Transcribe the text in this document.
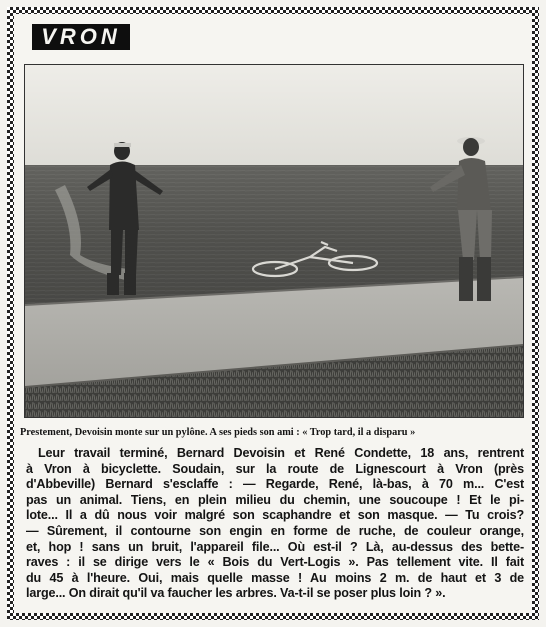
VRON
Prestement, Devoisin monte sur un pylône. A ses pieds son ami : « Trop tard, il a disparu »
Leur travail terminé, Bernard Devoisin et René Condette, 18 ans, rentrent
à Vron à bicyclette. Soudain, sur la route de Lignescourt à Vron (près
d'Abbeville) Bernard s'esclaffe : — Regarde, René, là-bas, à 70 m... C'est
pas un animal. Tiens, en plein milieu du chemin, une soucoupe ! Et le pi-
lote... Il a dû nous voir malgré son scaphandre et son masque. — Tu crois?
— Sûrement, il contourne son engin en forme de ruche, de couleur orange,
et, hop ! sans un bruit, l'appareil file... Où est-il ? Là, au-dessus des bette-
raves : il se dirige vers le « Bois du Vert-Logis ». Pas tellement vite. Il fait
du 45 à l'heure. Oui, mais quelle masse ! Au moins 2 m. de haut et 3 de
large... On dirait qu'il va faucher les arbres. Va-t-il se poser plus loin ? ».
